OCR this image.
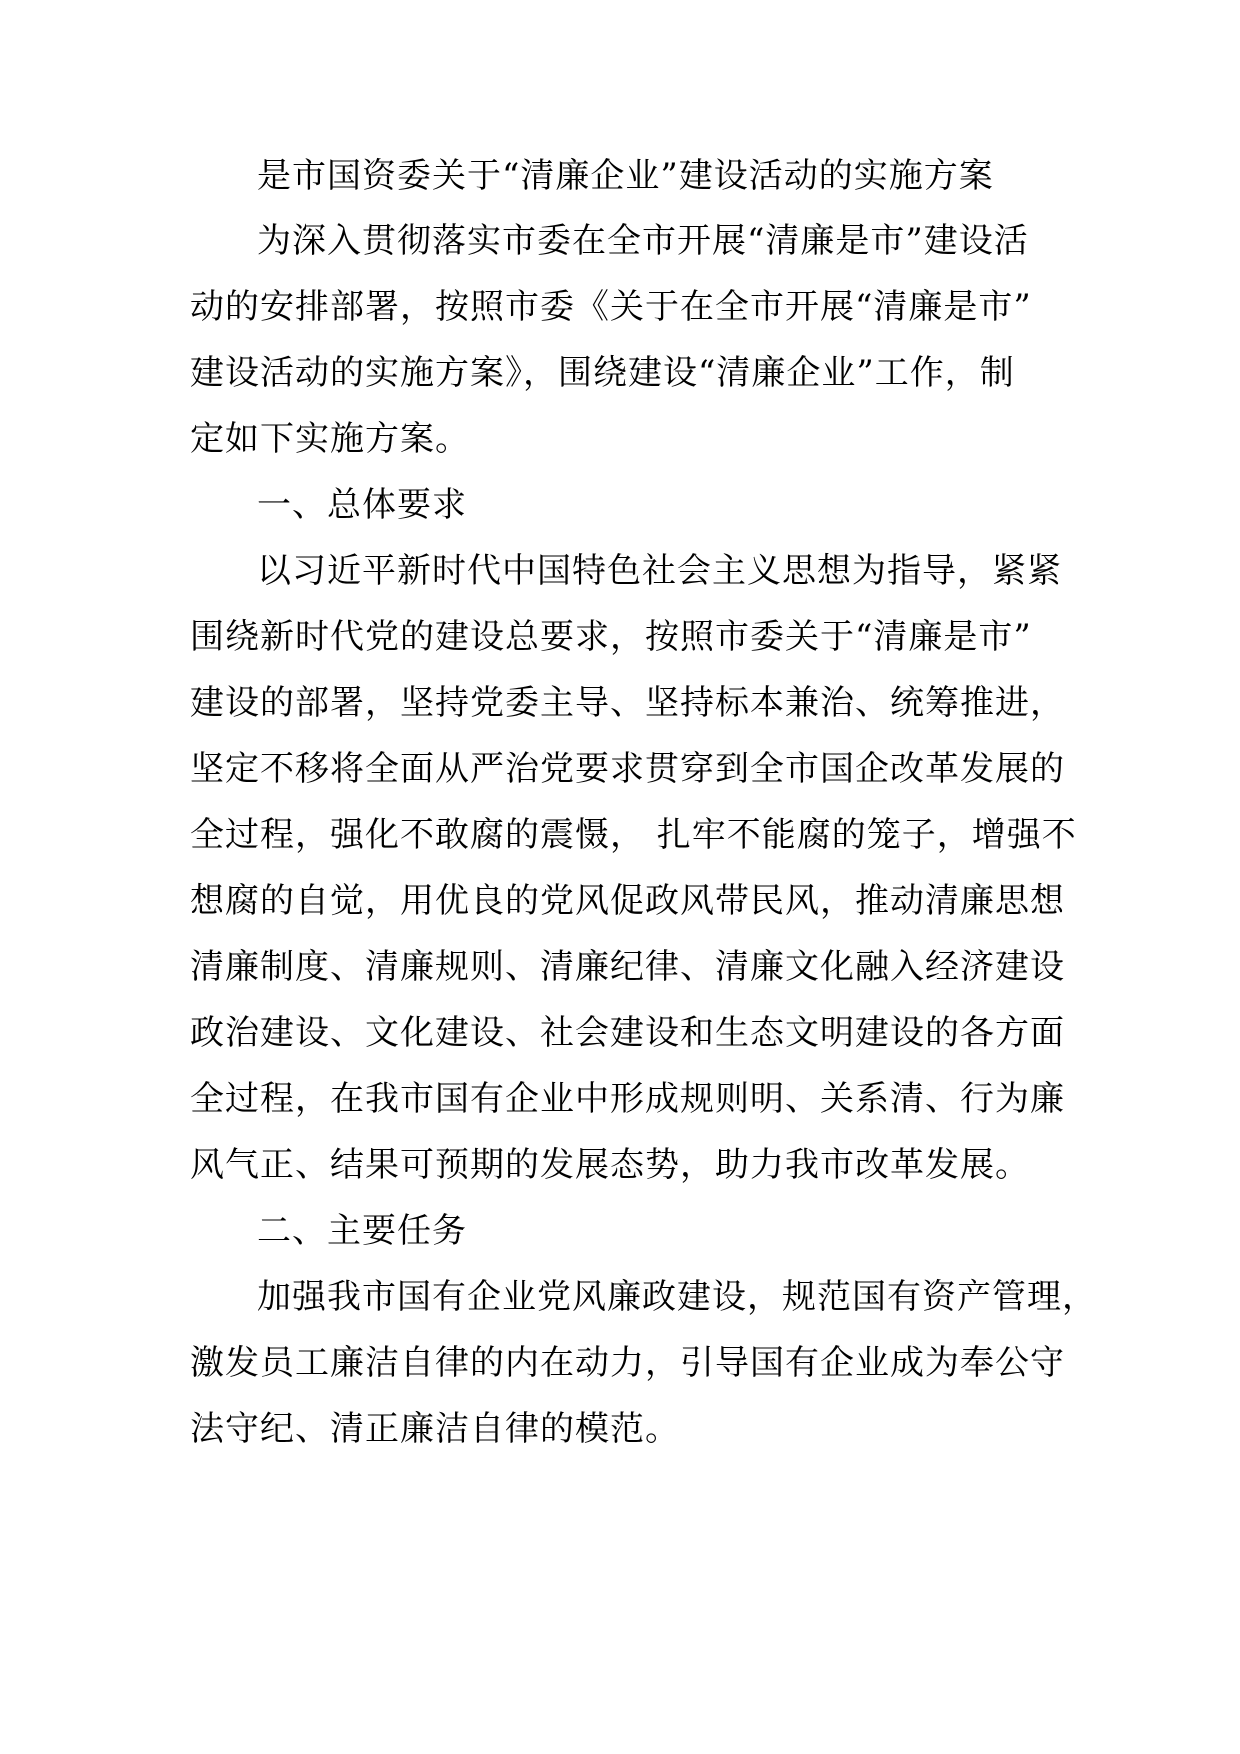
是市国资委关于“清廉企业”建设活动的实施方案
为深入贯彻落实市委在全市开展“清廉是市”建设活
动的安排部署，按照市委《关于在全市开展“清廉是市”
建设活动的实施方案》，围绕建设“清廉企业”工作，制
定如下实施方案。
一、总体要求
以习近平新时代中国特色社会主义思想为指导，紧紧
围绕新时代党的建设总要求，按照市委关于“清廉是市”
建设的部署，坚持党委主导、坚持标本兼治、统筹推进，
坚定不移将全面从严治党要求贯穿到全市国企改革发展的
全过程，强化不敢腐的震慑， 扎牢不能腐的笼子，增强不
想腐的自觉，用优良的党风促政风带民风，推动清廉思想
清廉制度、清廉规则、清廉纪律、清廉文化融入经济建设
政治建设、文化建设、社会建设和生态文明建设的各方面
全过程，在我市国有企业中形成规则明、关系清、行为廉
风气正、结果可预期的发展态势，助力我市改革发展。
二、主要任务
加强我市国有企业党风廉政建设，规范国有资产管理，
激发员工廉洁自律的内在动力，引导国有企业成为奉公守
法守纪、清正廉洁自律的模范。
